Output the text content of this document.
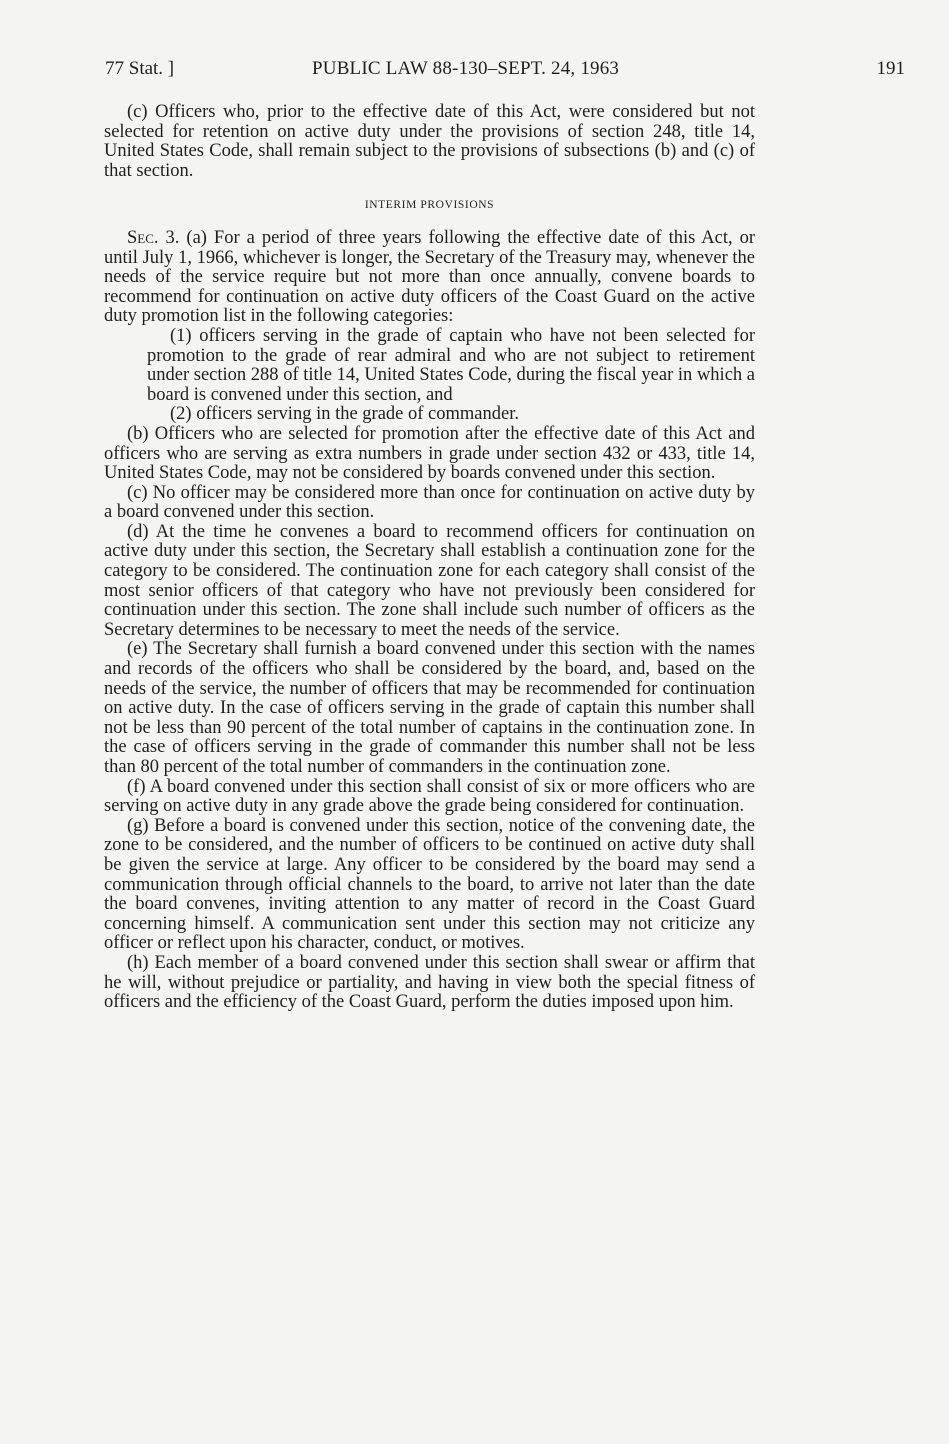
77 Stat. ]	PUBLIC LAW 88-130–SEPT. 24, 1963	191

(c) Officers who, prior to the effective date of this Act, were considered but not selected for retention on active duty under the provisions of section 248, title 14, United States Code, shall remain subject to the provisions of subsections (b) and (c) of that section.

INTERIM PROVISIONS

Sec. 3. (a) For a period of three years following the effective date of this Act, or until July 1, 1966, whichever is longer, the Secretary of the Treasury may, whenever the needs of the service require but not more than once annually, convene boards to recommend for continuation on active duty officers of the Coast Guard on the active duty promotion list in the following categories:

(1) officers serving in the grade of captain who have not been selected for promotion to the grade of rear admiral and who are not subject to retirement under section 288 of title 14, United States Code, during the fiscal year in which a board is convened under this section, and

(2) officers serving in the grade of commander.

(b) Officers who are selected for promotion after the effective date of this Act and officers who are serving as extra numbers in grade under section 432 or 433, title 14, United States Code, may not be considered by boards convened under this section.

(c) No officer may be considered more than once for continuation on active duty by a board convened under this section.

(d) At the time he convenes a board to recommend officers for continuation on active duty under this section, the Secretary shall establish a continuation zone for the category to be considered. The continuation zone for each category shall consist of the most senior officers of that category who have not previously been considered for continuation under this section. The zone shall include such number of officers as the Secretary determines to be necessary to meet the needs of the service.

(e) The Secretary shall furnish a board convened under this section with the names and records of the officers who shall be considered by the board, and, based on the needs of the service, the number of officers that may be recommended for continuation on active duty. In the case of officers serving in the grade of captain this number shall not be less than 90 percent of the total number of captains in the continuation zone. In the case of officers serving in the grade of commander this number shall not be less than 80 percent of the total number of commanders in the continuation zone.

(f) A board convened under this section shall consist of six or more officers who are serving on active duty in any grade above the grade being considered for continuation.

(g) Before a board is convened under this section, notice of the convening date, the zone to be considered, and the number of officers to be continued on active duty shall be given the service at large. Any officer to be considered by the board may send a communication through official channels to the board, to arrive not later than the date the board convenes, inviting attention to any matter of record in the Coast Guard concerning himself. A communication sent under this section may not criticize any officer or reflect upon his character, conduct, or motives.

(h) Each member of a board convened under this section shall swear or affirm that he will, without prejudice or partiality, and having in view both the special fitness of officers and the efficiency of the Coast Guard, perform the duties imposed upon him.
